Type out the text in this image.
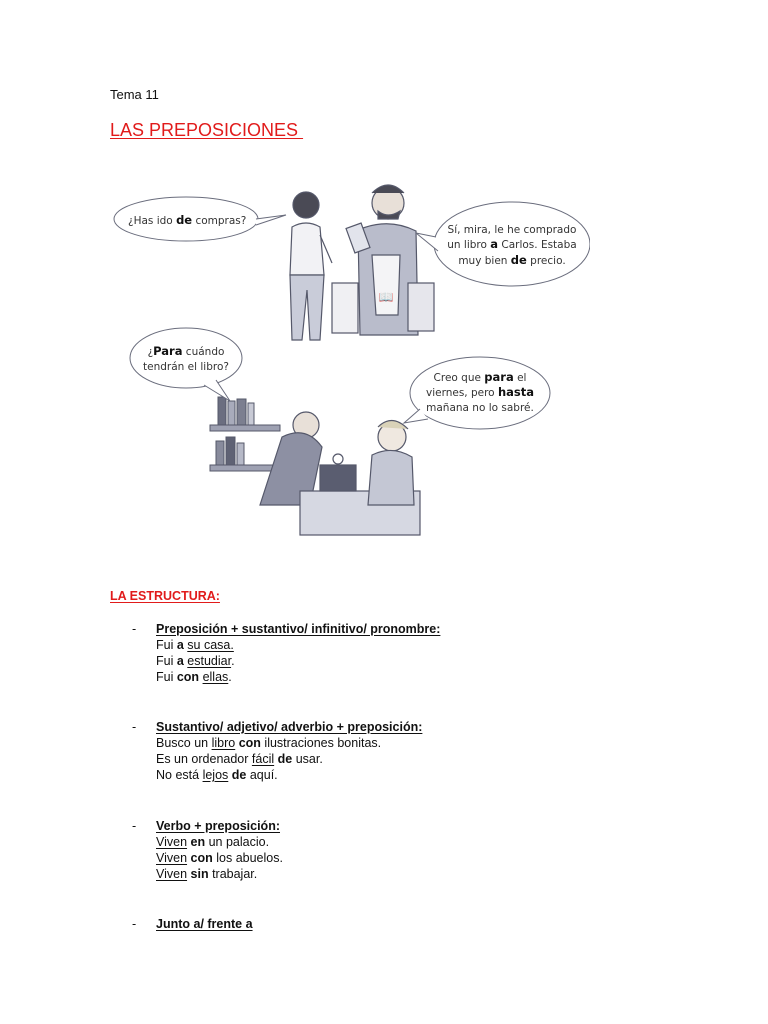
Tema 11
LAS PREPOSICIONES
📖
¿Has ido de compras?
Sí, mira, le he comprado
un libro a Carlos. Estaba
muy bien de precio.
¿Para cuándo
tendrán el libro?
Creo que para el
viernes, pero hasta
mañana no lo sabré.
LA ESTRUCTURA:
- Preposición + sustantivo/ infinitivo/ pronombre:
Fui a su casa.
Fui a estudiar.
Fui con ellas.
- Sustantivo/ adjetivo/ adverbio + preposición:
Busco un libro con ilustraciones bonitas.
Es un ordenador fácil de usar.
No está lejos de aquí.
- Verbo + preposición:
Viven en un palacio.
Viven con los abuelos.
Viven sin trabajar.
- Junto a/ frente a
